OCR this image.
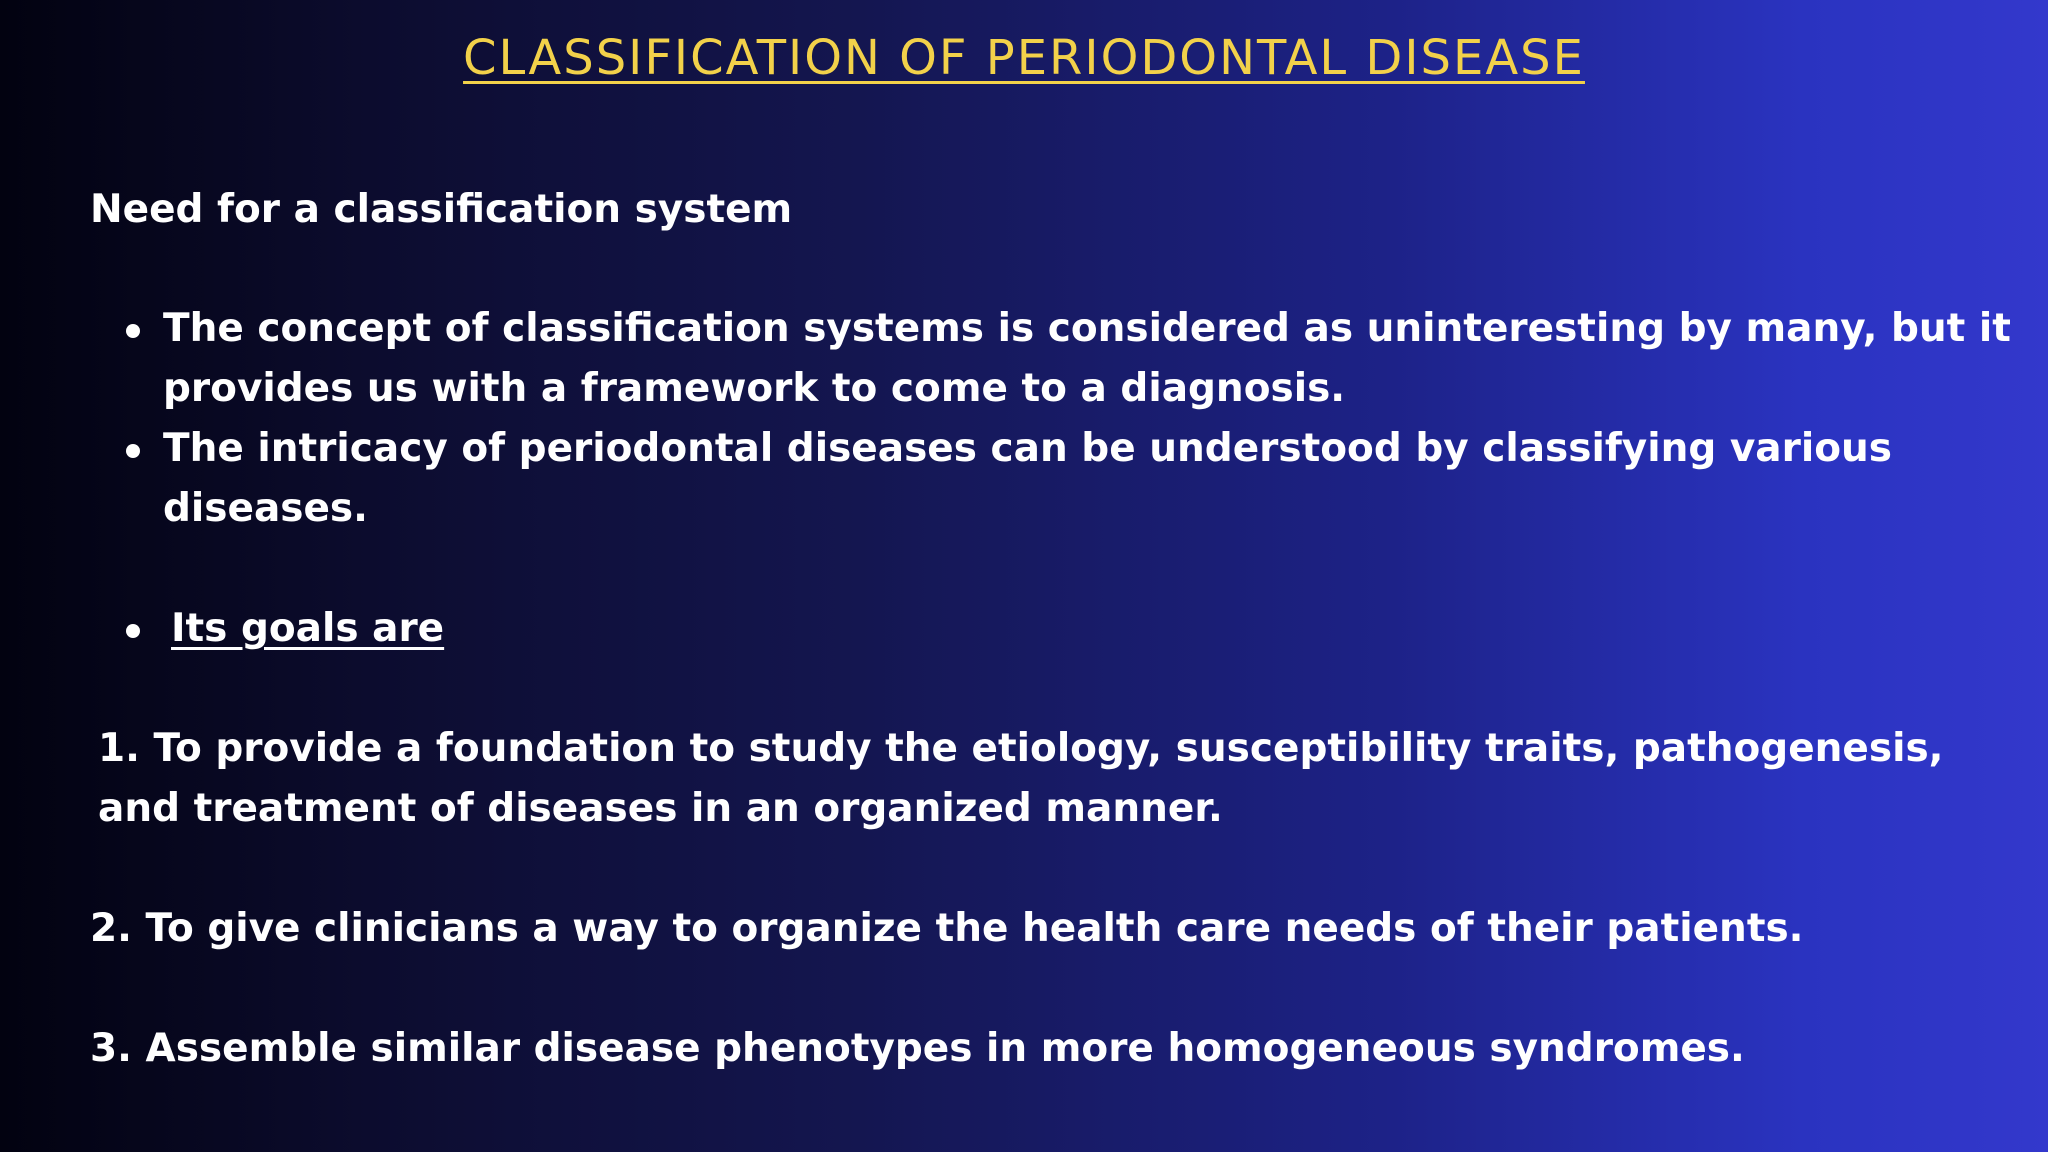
CLASSIFICATION OF PERIODONTAL DISEASE

Need for a classification system

The concept of classification systems is considered as uninteresting by many, but it provides us with a framework to come to a diagnosis.
The intricacy of periodontal diseases can be understood by classifying various diseases.
Its goals are

1. To provide a foundation to study the etiology, susceptibility traits, pathogenesis, and treatment of diseases in an organized manner.

2. To give clinicians a way to organize the health care needs of their patients.

3. Assemble similar disease phenotypes in more homogeneous syndromes.
